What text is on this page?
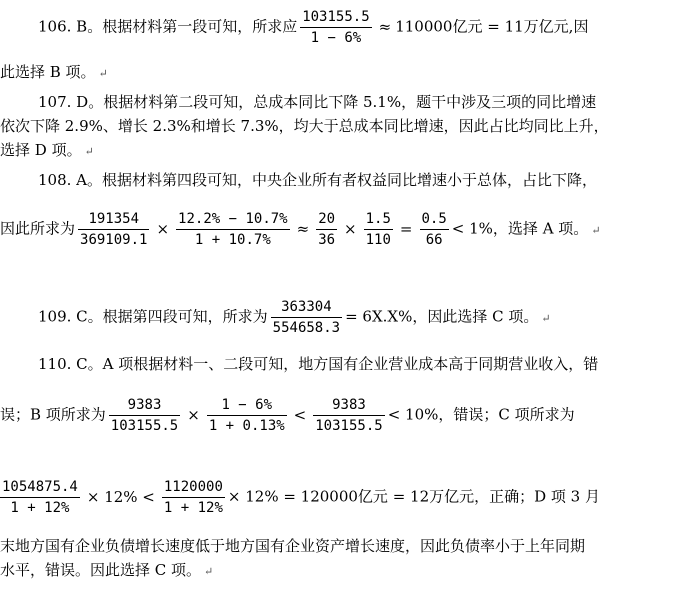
106. B。根据材料第一段可知，所求应 $\frac{103155.5}{1 - 6\%} \approx 110000$亿元 = 11万亿元,因
此选择 B 项。 ↵
107. D。根据材料第二段可知，总成本同比下降 5.1%，题干中涉及三项的同比增速
依次下降 2.9%、增长 2.3%和增长 7.3%，均大于总成本同比增速，因此占比均同比上升，
选择 D 项。 ↵
108. A。根据材料第四段可知，中央企业所有者权益同比增速小于总体，占比下降，
因此所求为 $\frac{191354}{369109.1} \times \frac{12.2\% - 10.7\%}{1 + 10.7\%} \approx \frac{20}{36} \times \frac{1.5}{110} = \frac{0.5}{66} < 1\%$，选择 A 项。 ↵
109. C。根据第四段可知，所求为 $\frac{363304}{554658.3} = 6X.X\%$，因此选择 C 项。 ↵
110. C。A 项根据材料一、二段可知，地方国有企业营业成本高于同期营业收入，错
误；B 项所求为 $\frac{9383}{103155.5} \times \frac{1 - 6\%}{1 + 0.13\%} < \frac{9383}{103155.5} < 10\%$，错误；C 项所求为
$\frac{1054875.4}{1 + 12\%} \times 12\% < \frac{1120000}{1 + 12\%} \times 12\% = 120000$亿元 = 12万亿元，正确；D 项 3 月
末地方国有企业负债增长速度低于地方国有企业资产增长速度，因此负债率小于上年同期
水平，错误。因此选择 C 项。 ↵
